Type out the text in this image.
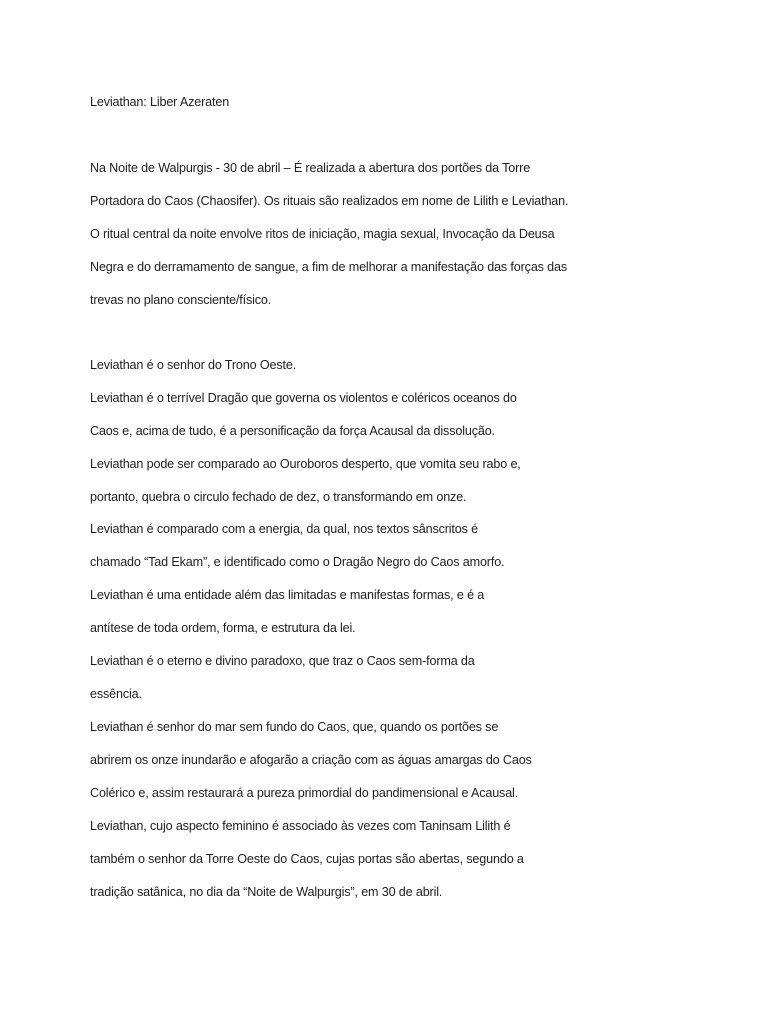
Leviathan: Liber Azeraten
Na Noite de Walpurgis - 30 de abril – É realizada a abertura dos portões da Torre
Portadora do Caos (Chaosifer). Os rituais são realizados em nome de Lilith e Leviathan.
O ritual central da noite envolve ritos de iniciação, magia sexual, Invocação da Deusa
Negra e do derramamento de sangue, a fim de melhorar a manifestação das forças das
trevas no plano consciente/físico.
Leviathan é o senhor do Trono Oeste.
Leviathan é o terrível Dragão que governa os violentos e coléricos oceanos do
Caos e, acima de tudo, é a personificação da força Acausal da dissolução.
Leviathan pode ser comparado ao Ouroboros desperto, que vomita seu rabo e,
portanto, quebra o circulo fechado de dez, o transformando em onze.
Leviathan é comparado com a energia, da qual, nos textos sânscritos é
chamado “Tad Ekam”, e identificado como o Dragão Negro do Caos amorfo.
Leviathan é uma entidade além das limitadas e manifestas formas, e é a
antítese de toda ordem, forma, e estrutura da lei.
Leviathan é o eterno e divino paradoxo, que traz o Caos sem-forma da
essência.
Leviathan é senhor do mar sem fundo do Caos, que, quando os portões se
abrirem os onze inundarão e afogarão a criação com as águas amargas do Caos
Colérico e, assim restaurará a pureza primordial do pandimensional e Acausal.
Leviathan, cujo aspecto feminino é associado às vezes com Taninsam Lilith é
também o senhor da Torre Oeste do Caos, cujas portas são abertas, segundo a
tradição satânica, no dia da “Noite de Walpurgis”, em 30 de abril.
